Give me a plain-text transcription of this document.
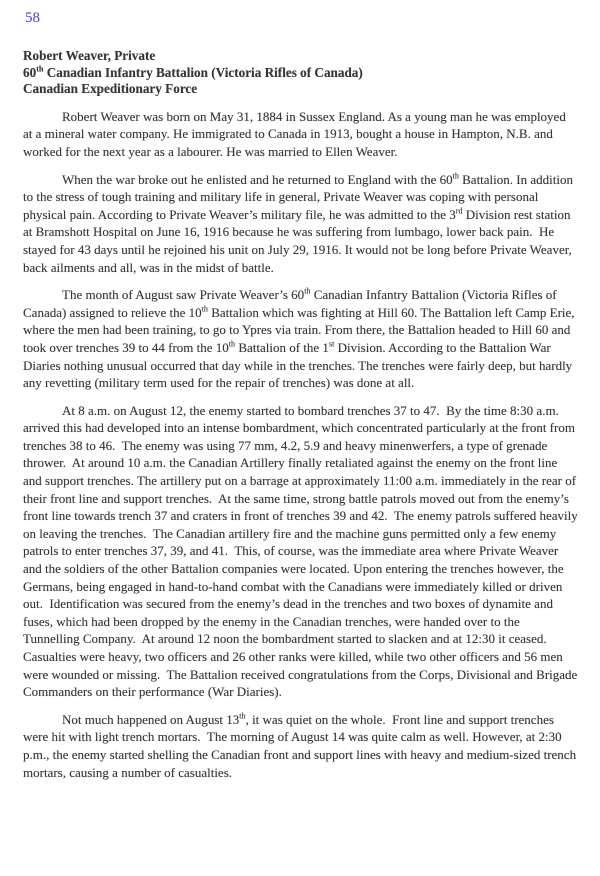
58
Robert Weaver, Private
60th Canadian Infantry Battalion (Victoria Rifles of Canada)
Canadian Expeditionary Force

Robert Weaver was born on May 31, 1884 in Sussex England. As a young man he was employed at a mineral water company. He immigrated to Canada in 1913, bought a house in Hampton, N.B. and worked for the next year as a labourer. He was married to Ellen Weaver.

When the war broke out he enlisted and he returned to England with the 60th Battalion. In addition to the stress of tough training and military life in general, Private Weaver was coping with personal physical pain. According to Private Weaver’s military file, he was admitted to the 3rd Division rest station at Bramshott Hospital on June 16, 1916 because he was suffering from lumbago, lower back pain.  He stayed for 43 days until he rejoined his unit on July 29, 1916. It would not be long before Private Weaver, back ailments and all, was in the midst of battle.

The month of August saw Private Weaver’s 60th Canadian Infantry Battalion (Victoria Rifles of Canada) assigned to relieve the 10th Battalion which was fighting at Hill 60. The Battalion left Camp Erie, where the men had been training, to go to Ypres via train. From there, the Battalion headed to Hill 60 and took over trenches 39 to 44 from the 10th Battalion of the 1st Division. According to the Battalion War Diaries nothing unusual occurred that day while in the trenches. The trenches were fairly deep, but hardly any revetting (military term used for the repair of trenches) was done at all.

At 8 a.m. on August 12, the enemy started to bombard trenches 37 to 47.  By the time 8:30 a.m. arrived this had developed into an intense bombardment, which concentrated particularly at the front from trenches 38 to 46.  The enemy was using 77 mm, 4.2, 5.9 and heavy minenwerfers, a type of grenade thrower.  At around 10 a.m. the Canadian Artillery finally retaliated against the enemy on the front line and support trenches. The artillery put on a barrage at approximately 11:00 a.m. immediately in the rear of their front line and support trenches.  At the same time, strong battle patrols moved out from the enemy’s front line towards trench 37 and craters in front of trenches 39 and 42.  The enemy patrols suffered heavily on leaving the trenches.  The Canadian artillery fire and the machine guns permitted only a few enemy patrols to enter trenches 37, 39, and 41.  This, of course, was the immediate area where Private Weaver and the soldiers of the other Battalion companies were located. Upon entering the trenches however, the Germans, being engaged in hand-to-hand combat with the Canadians were immediately killed or driven out.  Identification was secured from the enemy’s dead in the trenches and two boxes of dynamite and fuses, which had been dropped by the enemy in the Canadian trenches, were handed over to the Tunnelling Company.  At around 12 noon the bombardment started to slacken and at 12:30 it ceased.  Casualties were heavy, two officers and 26 other ranks were killed, while two other officers and 56 men were wounded or missing.  The Battalion received congratulations from the Corps, Divisional and Brigade Commanders on their performance (War Diaries).

Not much happened on August 13th, it was quiet on the whole.  Front line and support trenches were hit with light trench mortars.  The morning of August 14 was quite calm as well. However, at 2:30 p.m., the enemy started shelling the Canadian front and support lines with heavy and medium-sized trench mortars, causing a number of casualties.
